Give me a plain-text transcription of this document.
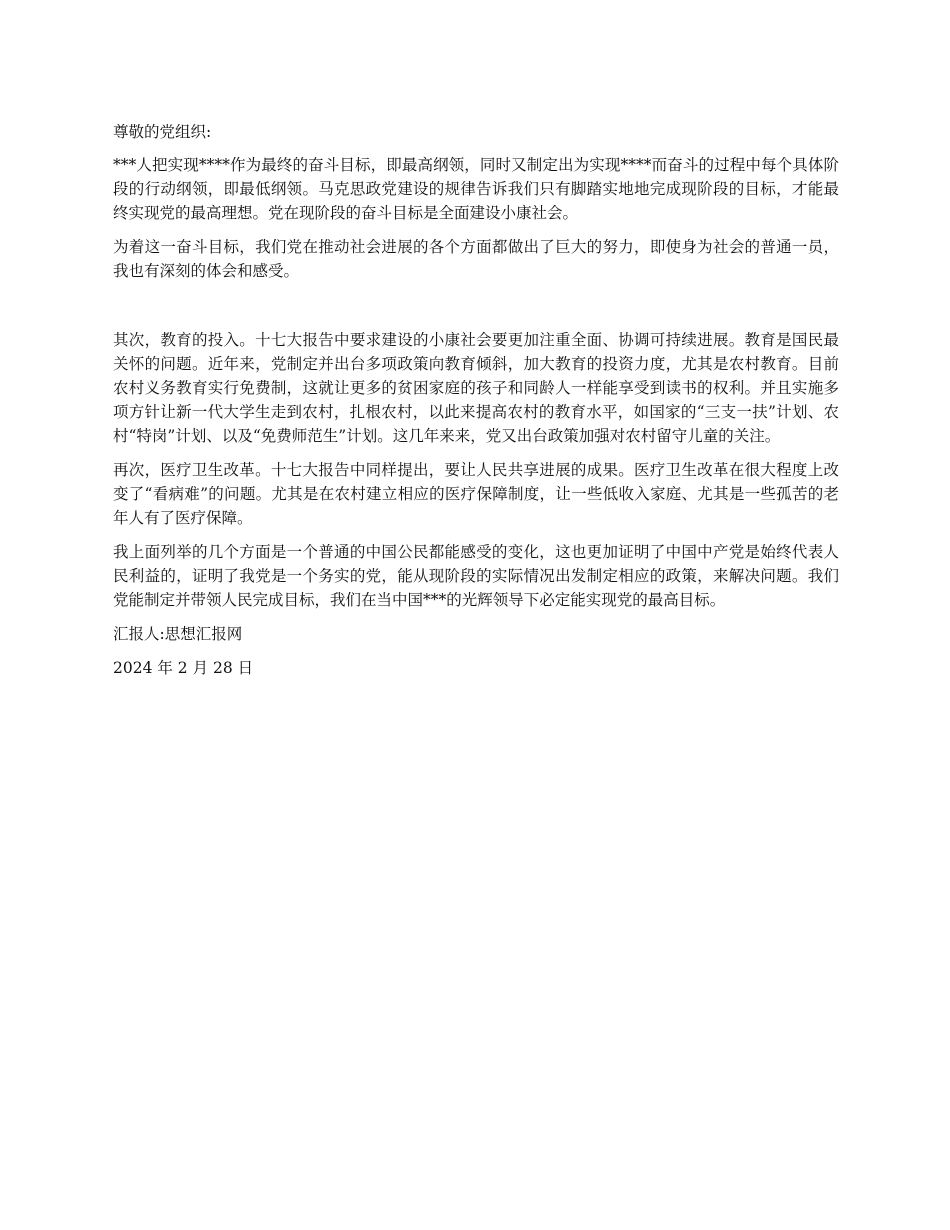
尊敬的党组织:

***人把实现****作为最终的奋斗目标，即最高纲领，同时又制定出为实现****而奋斗的过程中每个具体阶段的行动纲领，即最低纲领。马克思政党建设的规律告诉我们只有脚踏实地地完成现阶段的目标，才能最终实现党的最高理想。党在现阶段的奋斗目标是全面建设小康社会。

为着这一奋斗目标，我们党在推动社会进展的各个方面都做出了巨大的努力，即使身为社会的普通一员，我也有深刻的体会和感受。

其次，教育的投入。十七大报告中要求建设的小康社会要更加注重全面、协调可持续进展。教育是国民最关怀的问题。近年来，党制定并出台多项政策向教育倾斜，加大教育的投资力度，尤其是农村教育。目前农村义务教育实行免费制，这就让更多的贫困家庭的孩子和同龄人一样能享受到读书的权利。并且实施多项方针让新一代大学生走到农村，扎根农村，以此来提高农村的教育水平，如国家的“三支一扶”计划、农村“特岗”计划、以及“免费师范生”计划。这几年来来，党又出台政策加强对农村留守儿童的关注。

再次，医疗卫生改革。十七大报告中同样提出，要让人民共享进展的成果。医疗卫生改革在很大程度上改变了“看病难”的问题。尤其是在农村建立相应的医疗保障制度，让一些低收入家庭、尤其是一些孤苦的老年人有了医疗保障。

我上面列举的几个方面是一个普通的中国公民都能感受的变化，这也更加证明了中国中产党是始终代表人民利益的，证明了我党是一个务实的党，能从现阶段的实际情况出发制定相应的政策，来解决问题。我们党能制定并带领人民完成目标，我们在当中国***的光辉领导下必定能实现党的最高目标。

汇报人:思想汇报网

2024 年 2 月 28 日
